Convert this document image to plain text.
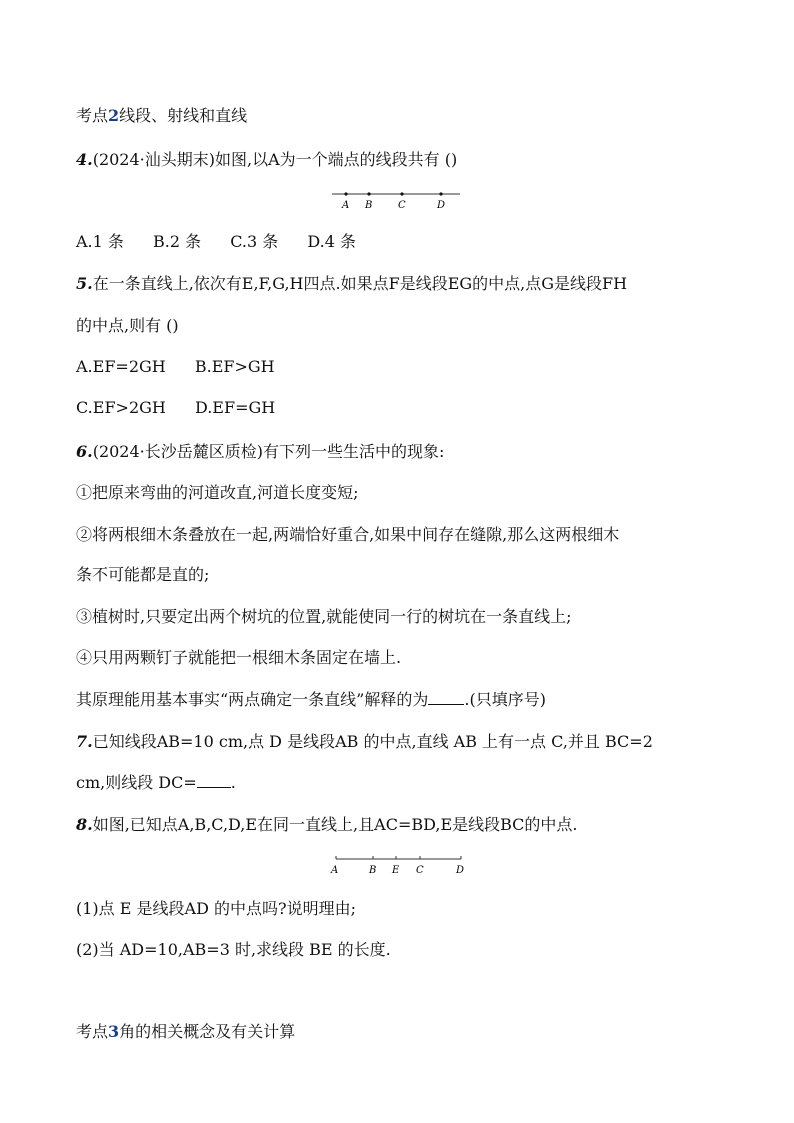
考点2线段、射线和直线
4.(2024·汕头期末)如图,以A为一个端点的线段共有 ()
A B	C	D
A.1 条 B.2 条 C.3 条 D.4 条
5.在一条直线上,依次有E,F,G,H四点.如果点F是线段EG的中点,点G是线段FH
的中点,则有 ()
A.EF=2GH B.EF>GH
C.EF>2GH D.EF=GH
6.(2024·长沙岳麓区质检)有下列一些生活中的现象:
①把原来弯曲的河道改直,河道长度变短;
②将两根细木条叠放在一起,两端恰好重合,如果中间存在缝隙,那么这两根细木
条不可能都是直的;
③植树时,只要定出两个树坑的位置,就能使同一行的树坑在一条直线上;
④只用两颗钉子就能把一根细木条固定在墙上.
其原理能用基本事实“两点确定一条直线”解释的为 .(只填序号)
7.已知线段AB=10 cm,点 D 是线段AB 的中点,直线 AB 上有一点 C,并且 BC=2
cm,则线段 DC= .
8.如图,已知点A,B,C,D,E在同一直线上,且AC=BD,E是线段BC的中点.
A	B E C	D
(1)点 E 是线段AD 的中点吗?说明理由;
(2)当 AD=10,AB=3 时,求线段 BE 的长度.
考点3角的相关概念及有关计算
